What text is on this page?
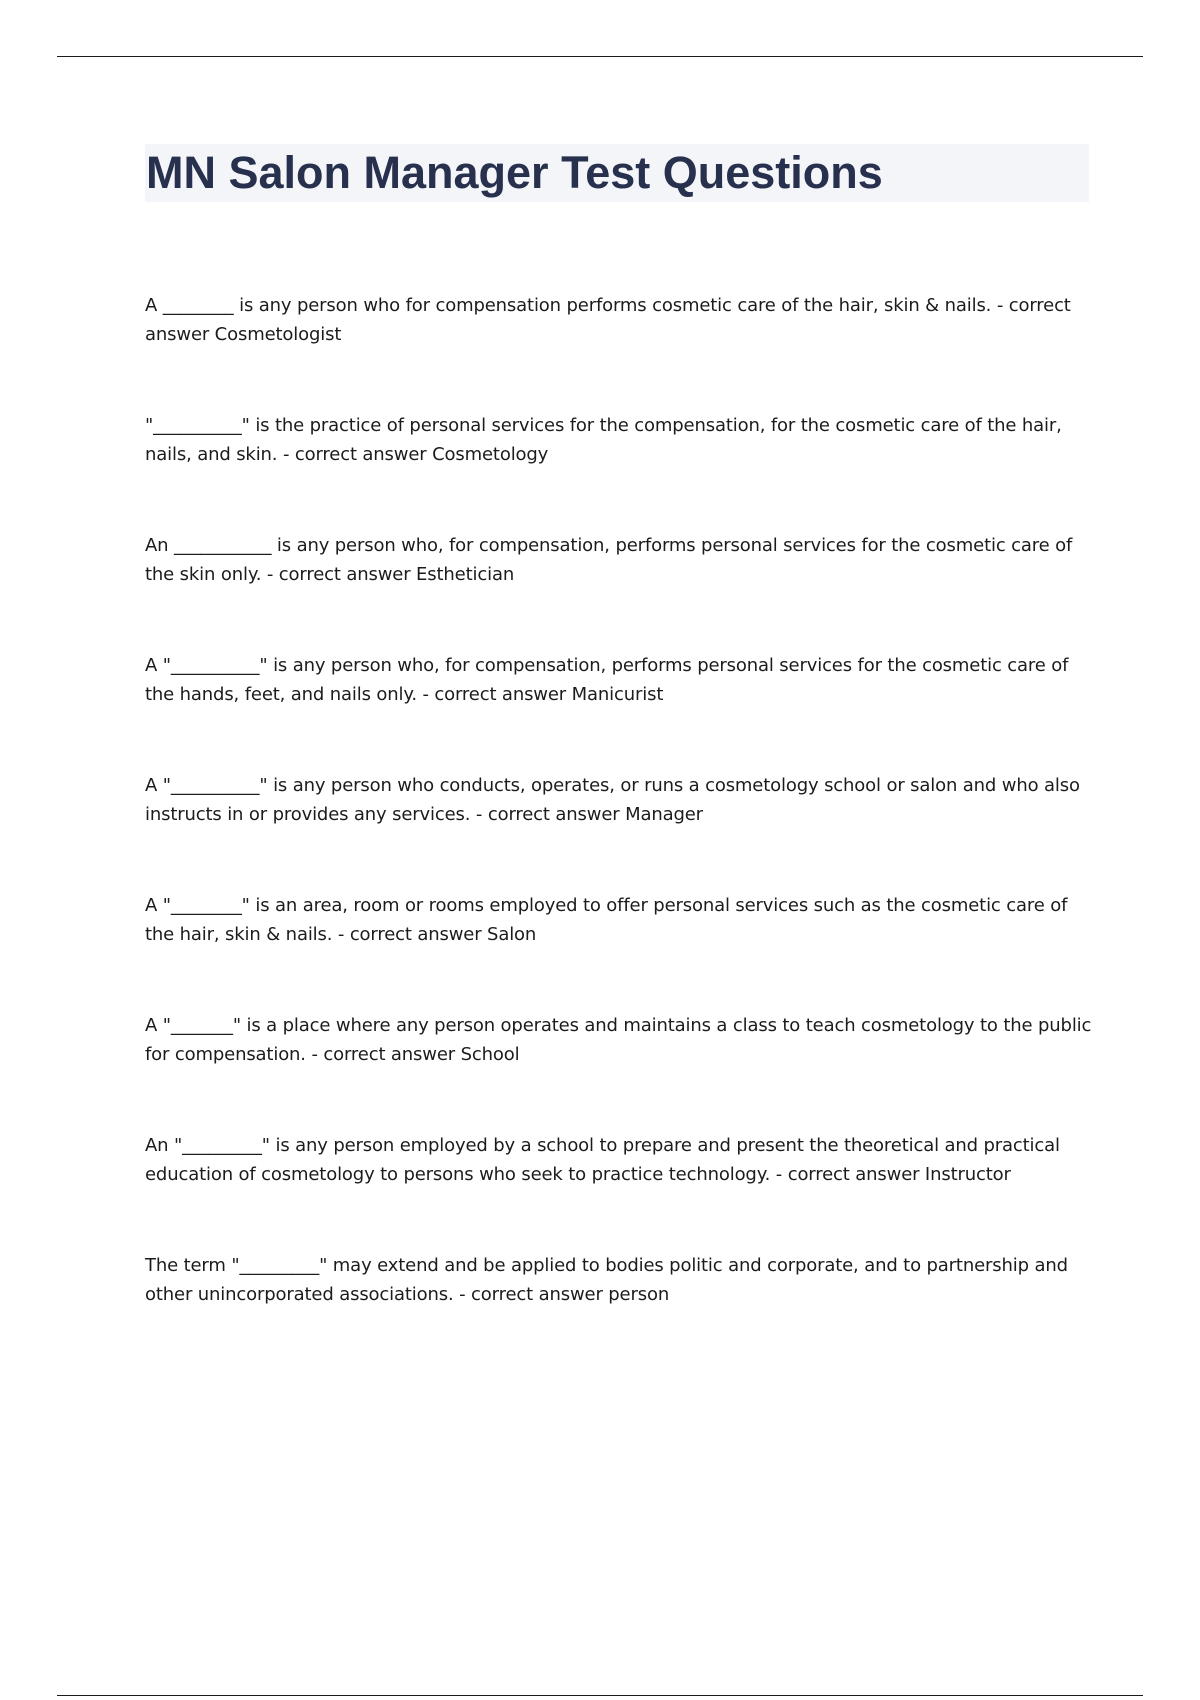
MN Salon Manager Test Questions

A ________ is any person who for compensation performs cosmetic care of the hair, skin & nails. - correct answer Cosmetologist

"__________" is the practice of personal services for the compensation, for the cosmetic care of the hair, nails, and skin. - correct answer Cosmetology

An ___________ is any person who, for compensation, performs personal services for the cosmetic care of the skin only. - correct answer Esthetician

A "__________" is any person who, for compensation, performs personal services for the cosmetic care of the hands, feet, and nails only. - correct answer Manicurist

A "__________" is any person who conducts, operates, or runs a cosmetology school or salon and who also instructs in or provides any services. - correct answer Manager

A "________" is an area, room or rooms employed to offer personal services such as the cosmetic care of the hair, skin & nails. - correct answer Salon

A "_______" is a place where any person operates and maintains a class to teach cosmetology to the public for compensation. - correct answer School

An "_________" is any person employed by a school to prepare and present the theoretical and practical education of cosmetology to persons who seek to practice technology. - correct answer Instructor

The term "_________" may extend and be applied to bodies politic and corporate, and to partnership and other unincorporated associations. - correct answer person
